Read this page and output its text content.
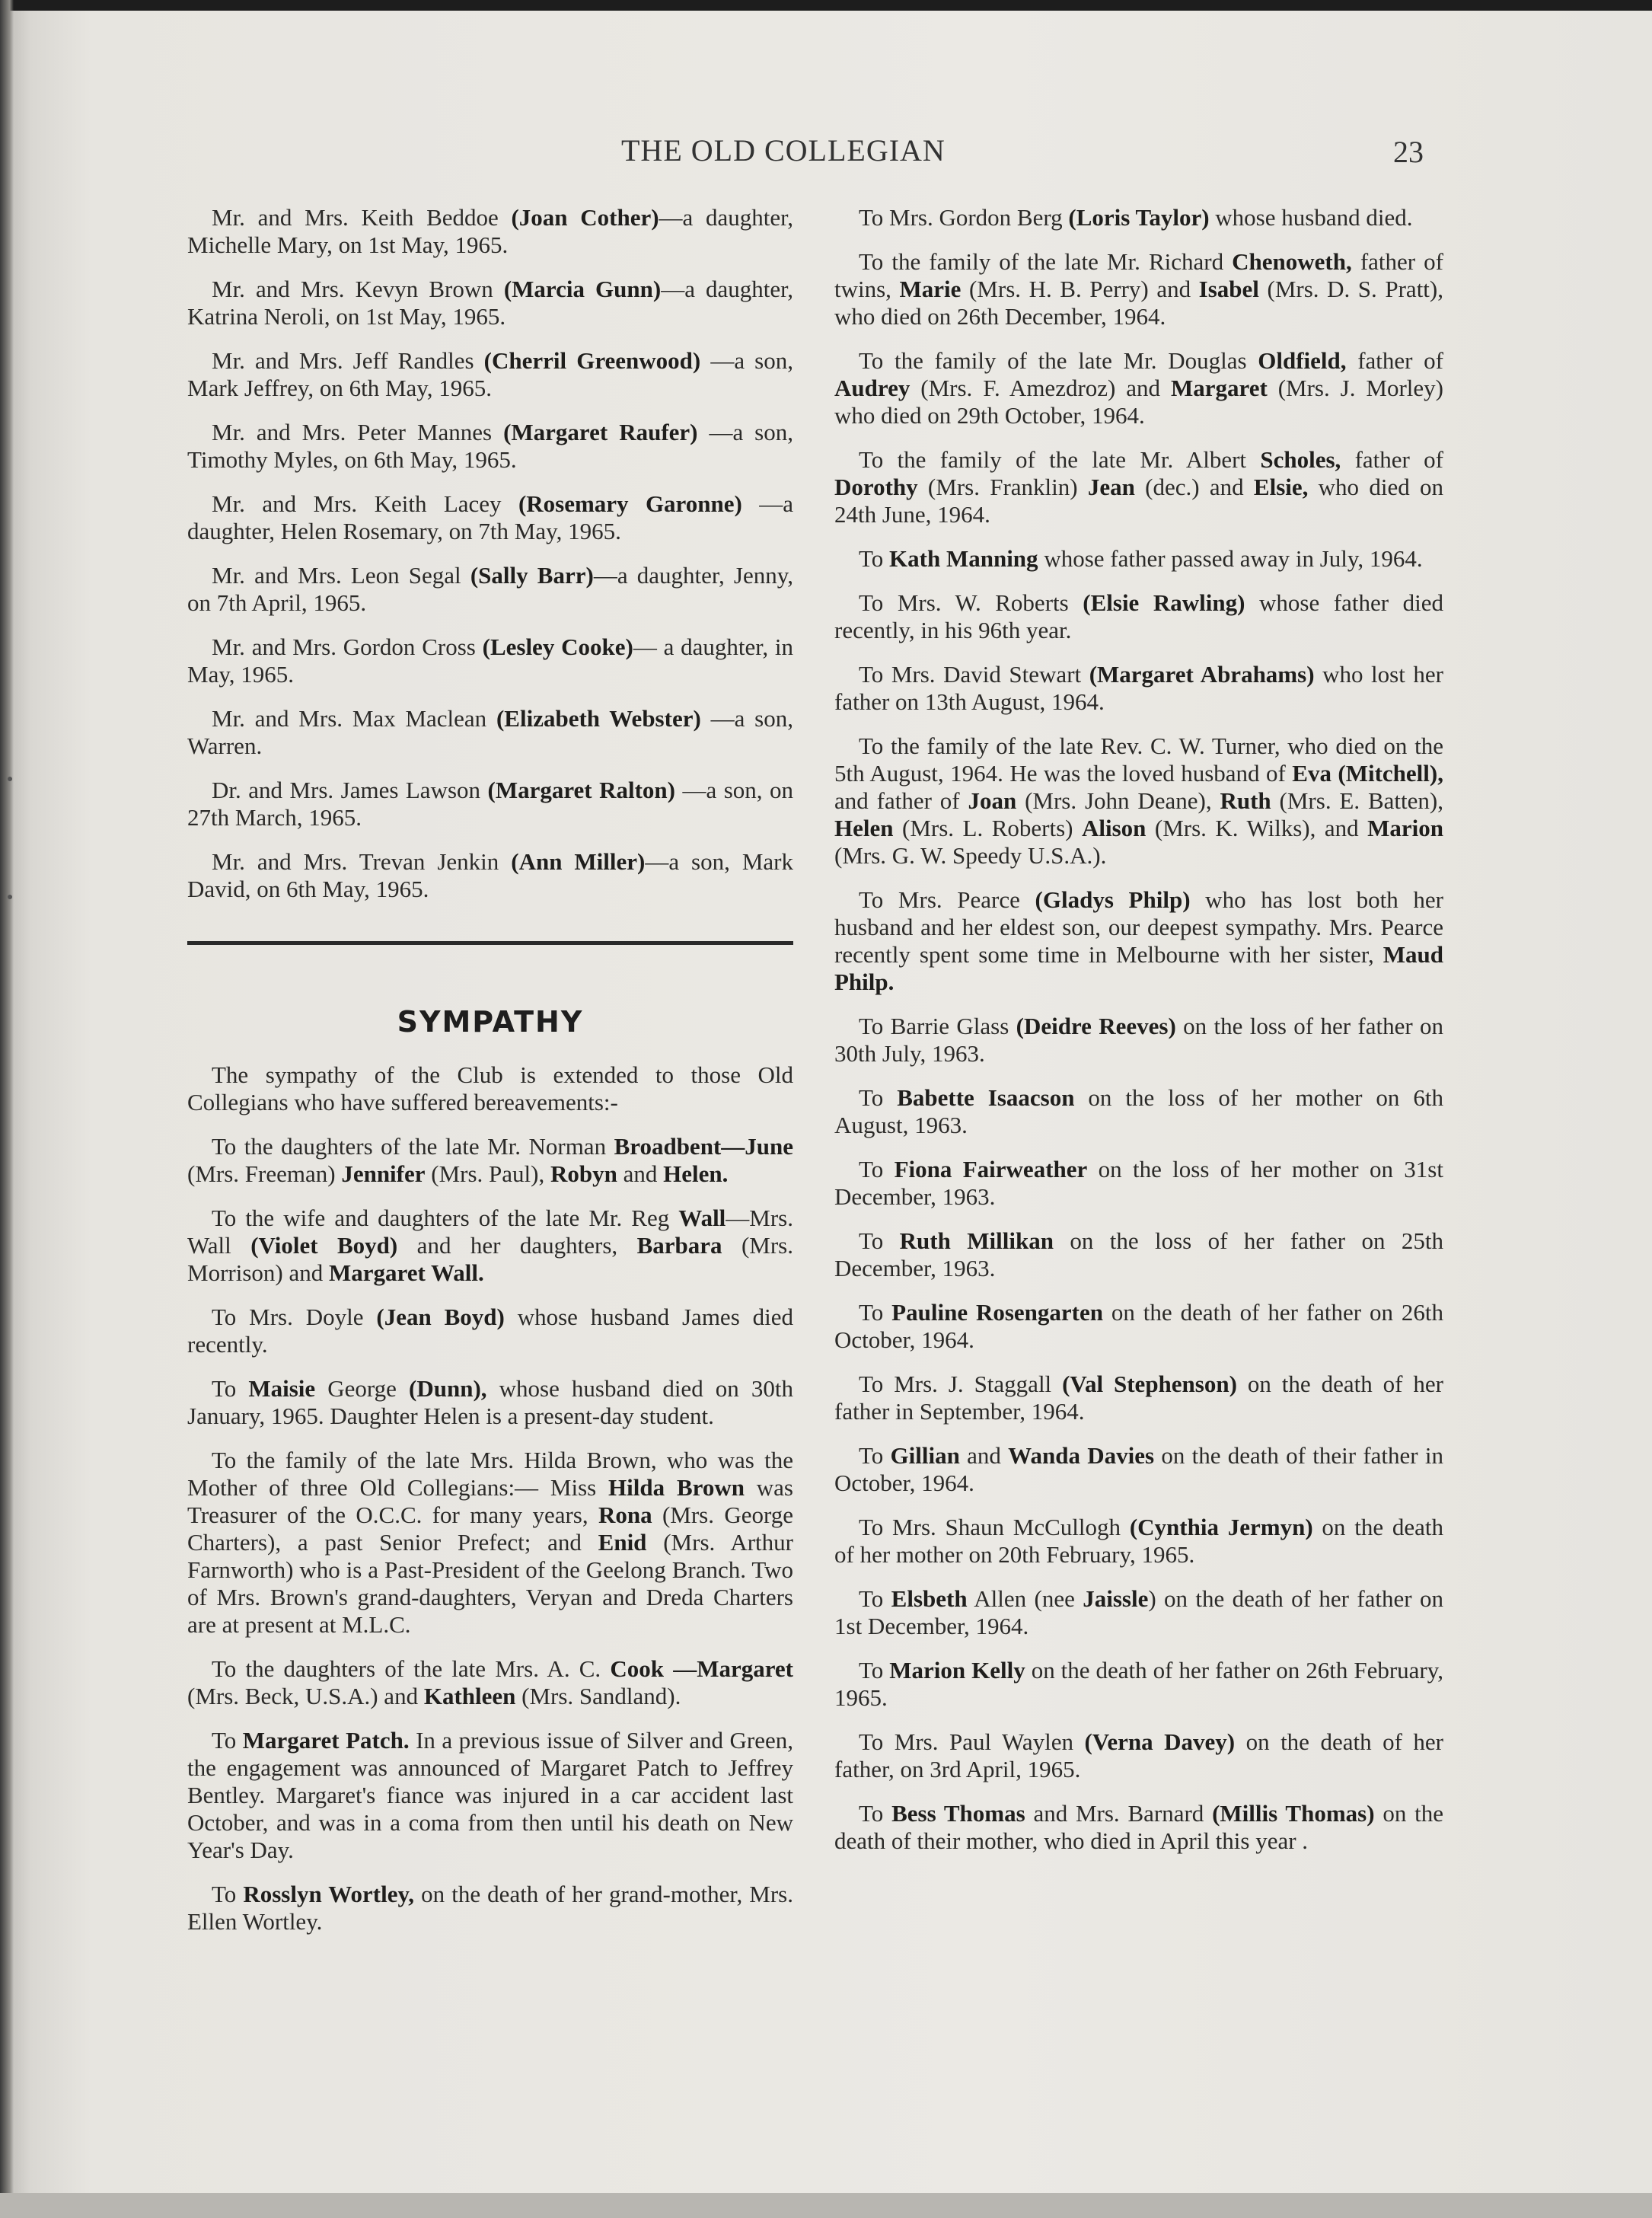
THE OLD COLLEGIAN	23

Mr. and Mrs. Keith Beddoe (Joan Cother)—a daughter, Michelle Mary, on 1st May, 1965.

Mr. and Mrs. Kevyn Brown (Marcia Gunn)—a daughter, Katrina Neroli, on 1st May, 1965.

Mr. and Mrs. Jeff Randles (Cherril Greenwood) —a son, Mark Jeffrey, on 6th May, 1965.

Mr. and Mrs. Peter Mannes (Margaret Raufer) —a son, Timothy Myles, on 6th May, 1965.

Mr. and Mrs. Keith Lacey (Rosemary Garonne) —a daughter, Helen Rosemary, on 7th May, 1965.

Mr. and Mrs. Leon Segal (Sally Barr)—a daughter, Jenny, on 7th April, 1965.

Mr. and Mrs. Gordon Cross (Lesley Cooke)— a daughter, in May, 1965.

Mr. and Mrs. Max Maclean (Elizabeth Webster) —a son, Warren.

Dr. and Mrs. James Lawson (Margaret Ralton) —a son, on 27th March, 1965.

Mr. and Mrs. Trevan Jenkin (Ann Miller)—a son, Mark David, on 6th May, 1965.

SYMPATHY

The sympathy of the Club is extended to those Old Collegians who have suffered bereavements:-

To the daughters of the late Mr. Norman Broadbent—June (Mrs. Freeman) Jennifer (Mrs. Paul), Robyn and Helen.

To the wife and daughters of the late Mr. Reg Wall—Mrs. Wall (Violet Boyd) and her daughters, Barbara (Mrs. Morrison) and Margaret Wall.

To Mrs. Doyle (Jean Boyd) whose husband James died recently.

To Maisie George (Dunn), whose husband died on 30th January, 1965. Daughter Helen is a present-day student.

To the family of the late Mrs. Hilda Brown, who was the Mother of three Old Collegians:— Miss Hilda Brown was Treasurer of the O.C.C. for many years, Rona (Mrs. George Charters), a past Senior Prefect; and Enid (Mrs. Arthur Farnworth) who is a Past-President of the Geelong Branch. Two of Mrs. Brown's grand-daughters, Veryan and Dreda Charters are at present at M.L.C.

To the daughters of the late Mrs. A. C. Cook —Margaret (Mrs. Beck, U.S.A.) and Kathleen (Mrs. Sandland).

To Margaret Patch. In a previous issue of Silver and Green, the engagement was announced of Margaret Patch to Jeffrey Bentley. Margaret's fiance was injured in a car accident last October, and was in a coma from then until his death on New Year's Day.

To Rosslyn Wortley, on the death of her grand-mother, Mrs. Ellen Wortley.

To Mrs. Gordon Berg (Loris Taylor) whose husband died.

To the family of the late Mr. Richard Chenoweth, father of twins, Marie (Mrs. H. B. Perry) and Isabel (Mrs. D. S. Pratt), who died on 26th December, 1964.

To the family of the late Mr. Douglas Oldfield, father of Audrey (Mrs. F. Amezdroz) and Margaret (Mrs. J. Morley) who died on 29th October, 1964.

To the family of the late Mr. Albert Scholes, father of Dorothy (Mrs. Franklin) Jean (dec.) and Elsie, who died on 24th June, 1964.

To Kath Manning whose father passed away in July, 1964.

To Mrs. W. Roberts (Elsie Rawling) whose father died recently, in his 96th year.

To Mrs. David Stewart (Margaret Abrahams) who lost her father on 13th August, 1964.

To the family of the late Rev. C. W. Turner, who died on the 5th August, 1964. He was the loved husband of Eva (Mitchell), and father of Joan (Mrs. John Deane), Ruth (Mrs. E. Batten), Helen (Mrs. L. Roberts) Alison (Mrs. K. Wilks), and Marion (Mrs. G. W. Speedy U.S.A.).

To Mrs. Pearce (Gladys Philp) who has lost both her husband and her eldest son, our deepest sympathy. Mrs. Pearce recently spent some time in Melbourne with her sister, Maud Philp.

To Barrie Glass (Deidre Reeves) on the loss of her father on 30th July, 1963.

To Babette Isaacson on the loss of her mother on 6th August, 1963.

To Fiona Fairweather on the loss of her mother on 31st December, 1963.

To Ruth Millikan on the loss of her father on 25th December, 1963.

To Pauline Rosengarten on the death of her father on 26th October, 1964.

To Mrs. J. Staggall (Val Stephenson) on the death of her father in September, 1964.

To Gillian and Wanda Davies on the death of their father in October, 1964.

To Mrs. Shaun McCullogh (Cynthia Jermyn) on the death of her mother on 20th February, 1965.

To Elsbeth Allen (nee Jaissle) on the death of her father on 1st December, 1964.

To Marion Kelly on the death of her father on 26th February, 1965.

To Mrs. Paul Waylen (Verna Davey) on the death of her father, on 3rd April, 1965.

To Bess Thomas and Mrs. Barnard (Millis Thomas) on the death of their mother, who died in April this year .
